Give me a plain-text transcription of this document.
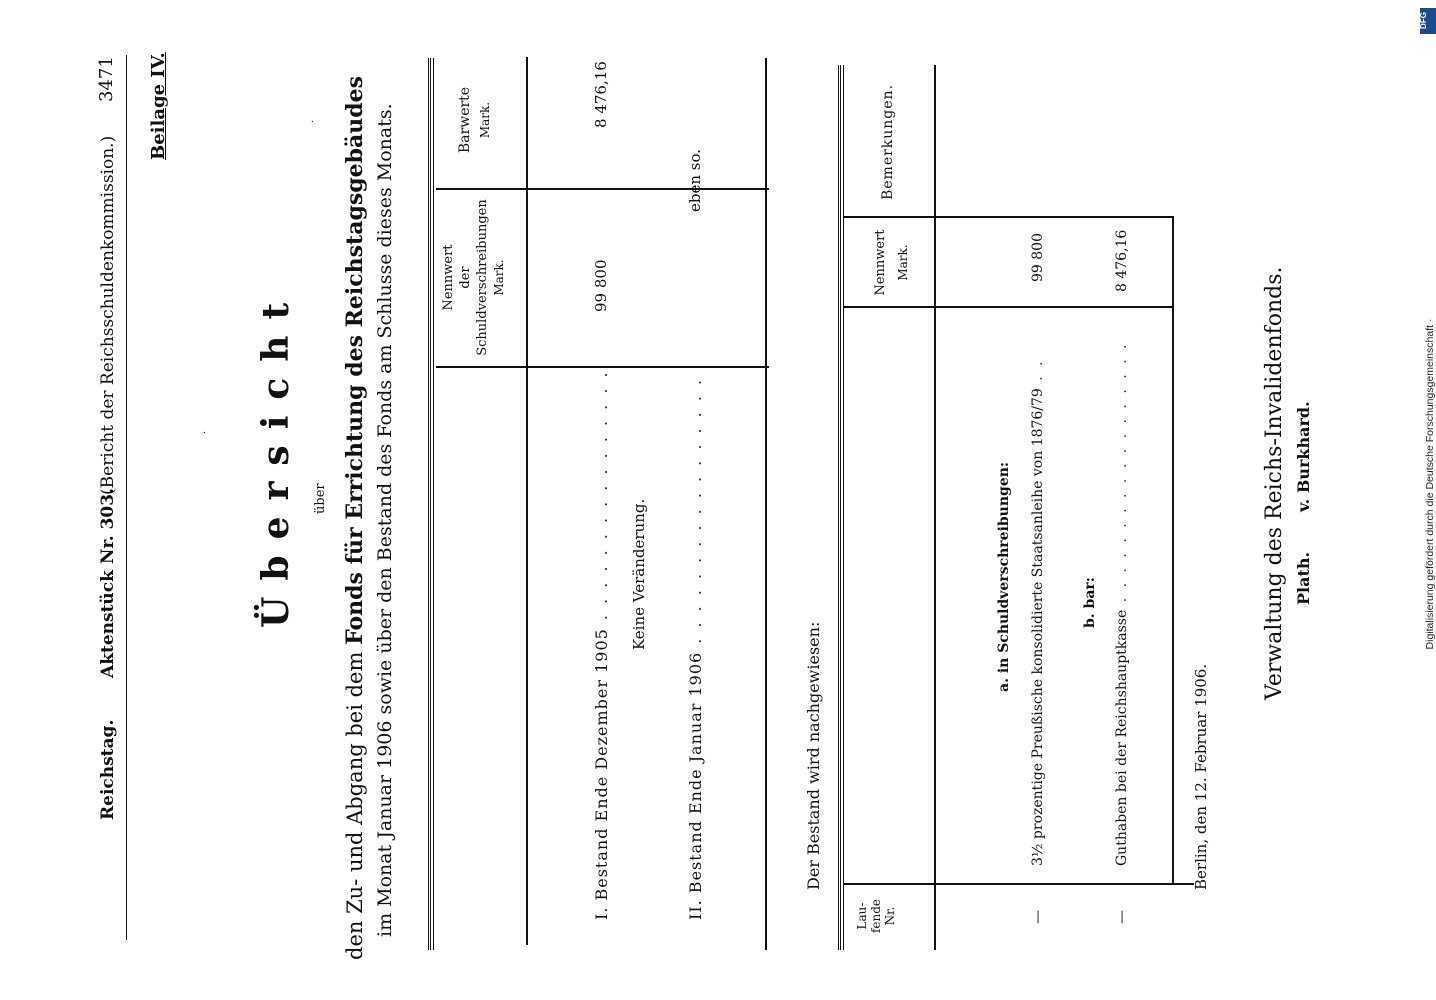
Reichstag.
Aktenstück Nr. 303.
(Bericht der Reichsschuldenkommission.)
3471 Beilage IV.
Übersicht über
den Zu- und Abgang bei dem Fonds für Errichtung des Reichstagsgebäudes im Monat Januar 1906 sowie über den Bestand des Fonds am Schlusse dieses Monats.	Nennwert der Schuldverschreibungen Mark.
Barwerte Mark.
I. Bestand Ende Dezember 1905 . . . . . . . . . . . . . . . .
99 800
8 476,16
Keine Veränderung.
II. Bestand Ende Januar 1906 . . . . . . . . . . . . . . . . .
eben so.
Der Bestand wird nachgewiesen:
Lau- fende Nr.
Nennwert Mark.
Bemerkungen.
a. in Schuldverschreibungen:
—
3½ prozentige Preußische konsolidierte Staatsanleihe von 1876/79 . .
99 800
b. bar:
—
Guthaben bei der Reichshauptkasse . . . . . . . . . . . . . . . . . .
8 476,16
Berlin, den 12. Februar 1906.
Verwaltung des Reichs-Invalidenfonds. Plath.
v. Burkhard.
·
·
DFG
Digitalisierung gefördert durch die Deutsche Forschungsgemeinschaft ·
